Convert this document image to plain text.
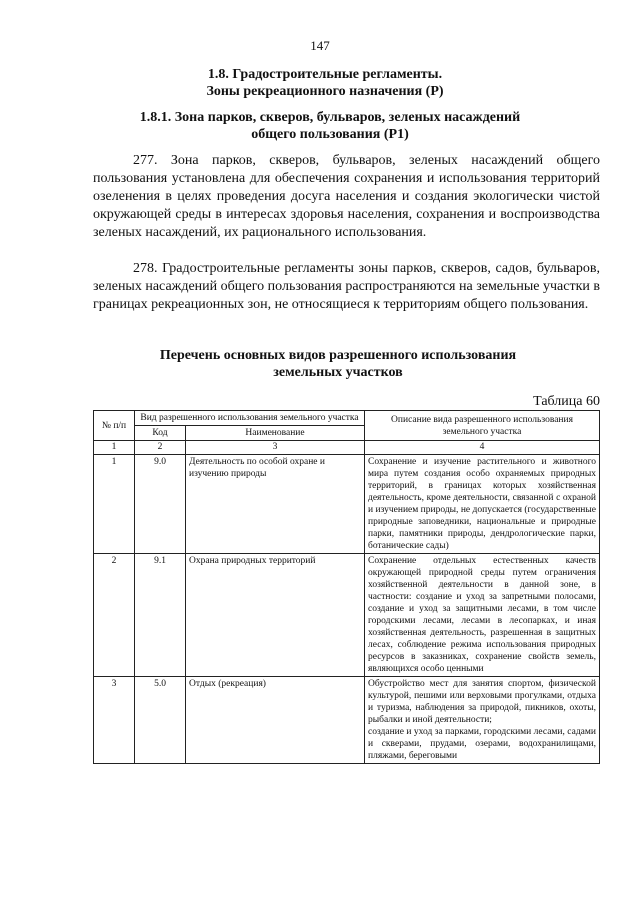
147
1.8. Градостроительные регламенты.
Зоны рекреационного назначения (Р)
1.8.1. Зона парков, скверов, бульваров, зеленых насаждений
общего пользования (Р1)
277. Зона парков, скверов, бульваров, зеленых насаждений общего пользования установлена для обеспечения сохранения и использования территорий озеленения в целях проведения досуга населения и создания экологически чистой окружающей среды в интересах здоровья населения, сохранения и воспроизводства зеленых насаждений, их рационального использования.
278. Градостроительные регламенты зоны парков, скверов, садов, бульваров, зеленых насаждений общего пользования распространяются на земельные участки в границах рекреационных зон, не относящиеся к территориям общего пользования.
Перечень основных видов разрешенного использования
земельных участков
Таблица 60
№ п/п	Вид разрешенного использования земельного участка		Описание вида разрешенного использования земельного участка
	Код	Наименование	
1	2	3	4
1	9.0	Деятельность по особой охране и изучению природы	Сохранение и изучение растительного и животного мира путем создания особо охраняемых природных территорий, в границах которых хозяйственная деятельность, кроме деятельности, связанной с охраной и изучением природы, не допускается (государственные природные заповедники, национальные и природные парки, памятники природы, дендрологические парки, ботанические сады)
2	9.1	Охрана природных территорий	Сохранение отдельных естественных качеств окружающей природной среды путем ограничения хозяйственной деятельности в данной зоне, в частности: создание и уход за запретными полосами, создание и уход за защитными лесами, в том числе городскими лесами, лесами в лесопарках, и иная хозяйственная деятельность, разрешенная в защитных лесах, соблюдение режима использования природных ресурсов в заказниках, сохранение свойств земель, являющихся особо ценными
3	5.0	Отдых (рекреация)	Обустройство мест для занятия спортом, физической культурой, пешими или верховыми прогулками, отдыха и туризма, наблюдения за природой, пикников, охоты, рыбалки и иной деятельности;
создание и уход за парками, городскими лесами, садами и скверами, прудами, озерами, водохранилищами, пляжами, береговыми
